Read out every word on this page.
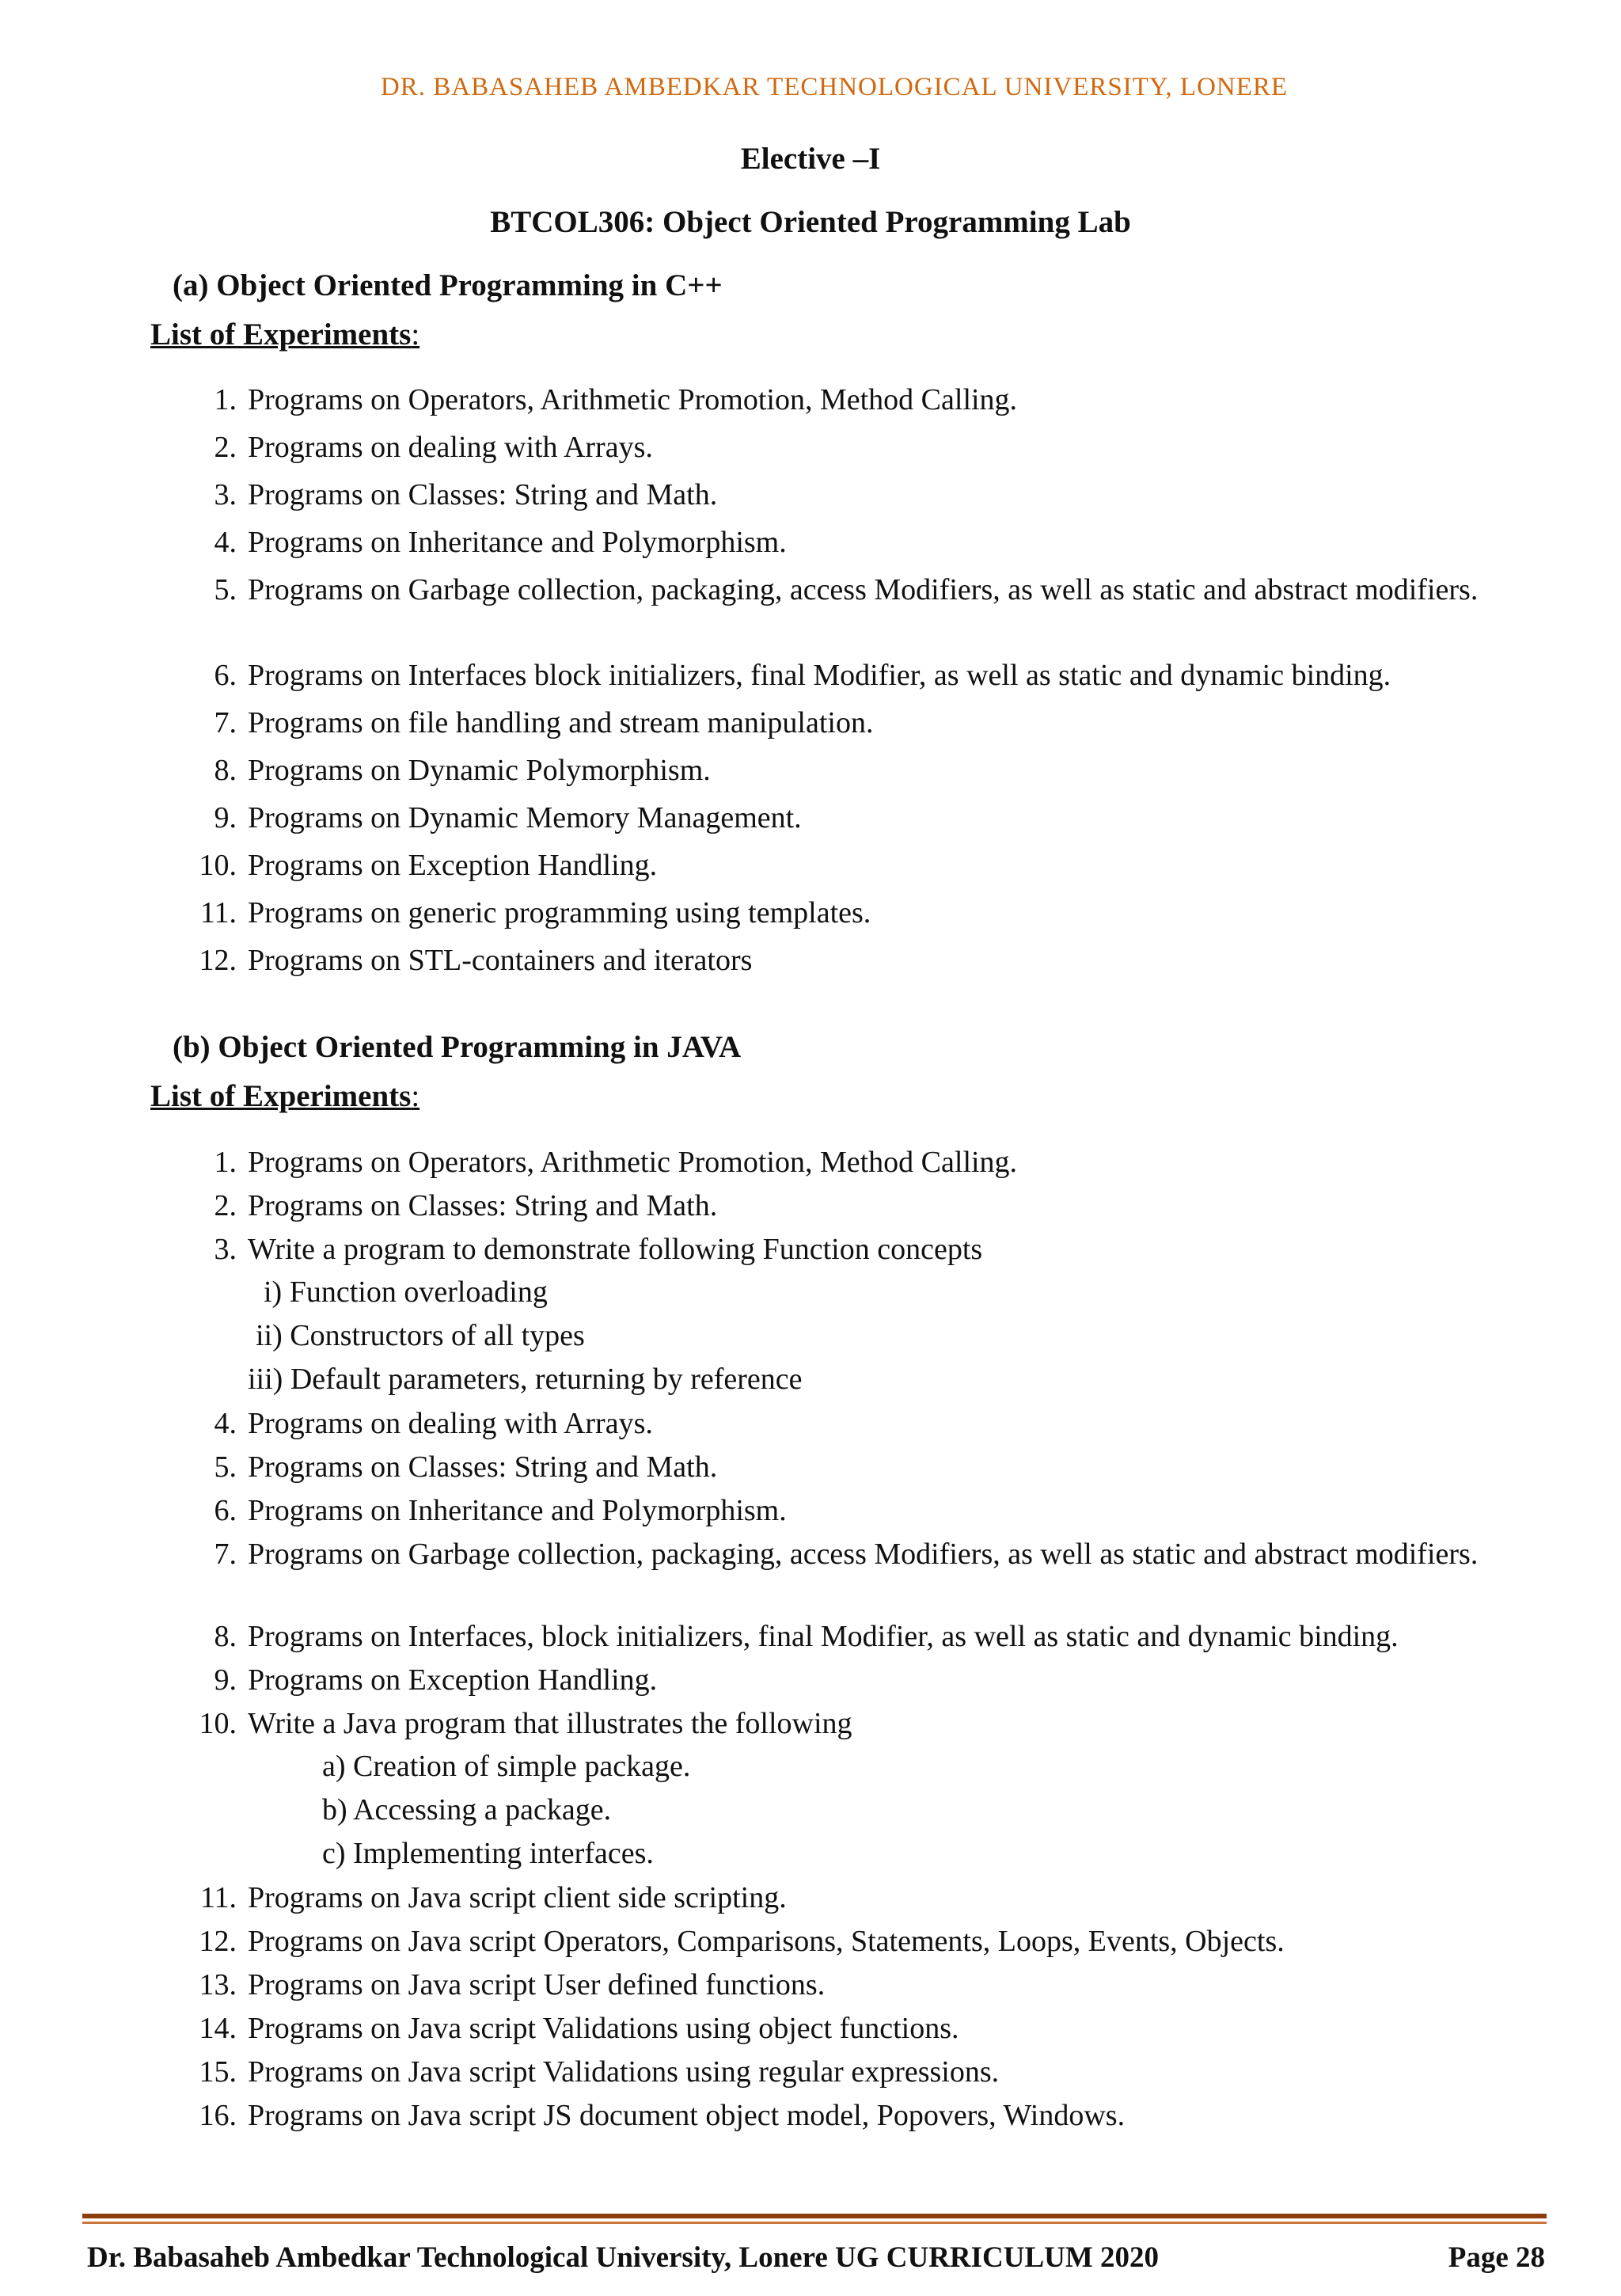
DR. BABASAHEB AMBEDKAR TECHNOLOGICAL UNIVERSITY, LONERE
Elective –I
BTCOL306: Object Oriented Programming Lab
(a) Object Oriented Programming in C++
List of Experiments:
1. Programs on Operators, Arithmetic Promotion, Method Calling.
2. Programs on dealing with Arrays.
3. Programs on Classes: String and Math.
4. Programs on Inheritance and Polymorphism.
5. Programs on Garbage collection, packaging, access Modifiers, as well as static and abstract modifiers.
6. Programs on Interfaces block initializers, final Modifier, as well as static and dynamic binding.
7. Programs on file handling and stream manipulation.
8. Programs on Dynamic Polymorphism.
9. Programs on Dynamic Memory Management.
10. Programs on Exception Handling.
11. Programs on generic programming using templates.
12. Programs on STL-containers and iterators
(b) Object Oriented Programming in JAVA
List of Experiments:
1. Programs on Operators, Arithmetic Promotion, Method Calling.
2. Programs on Classes: String and Math.
3. Write a program to demonstrate following Function concepts
i) Function overloading
ii) Constructors of all types
iii) Default parameters, returning by reference
4. Programs on dealing with Arrays.
5. Programs on Classes: String and Math.
6. Programs on Inheritance and Polymorphism.
7. Programs on Garbage collection, packaging, access Modifiers, as well as static and abstract modifiers.
8. Programs on Interfaces, block initializers, final Modifier, as well as static and dynamic binding.
9. Programs on Exception Handling.
10. Write a Java program that illustrates the following
a) Creation of simple package.
b) Accessing a package.
c) Implementing interfaces.
11. Programs on Java script client side scripting.
12. Programs on Java script Operators, Comparisons, Statements, Loops, Events, Objects.
13. Programs on Java script User defined functions.
14. Programs on Java script Validations using object functions.
15. Programs on Java script Validations using regular expressions.
16. Programs on Java script JS document object model, Popovers, Windows.
Dr. Babasaheb Ambedkar Technological University, Lonere UG CURRICULUM 2020	Page 28
